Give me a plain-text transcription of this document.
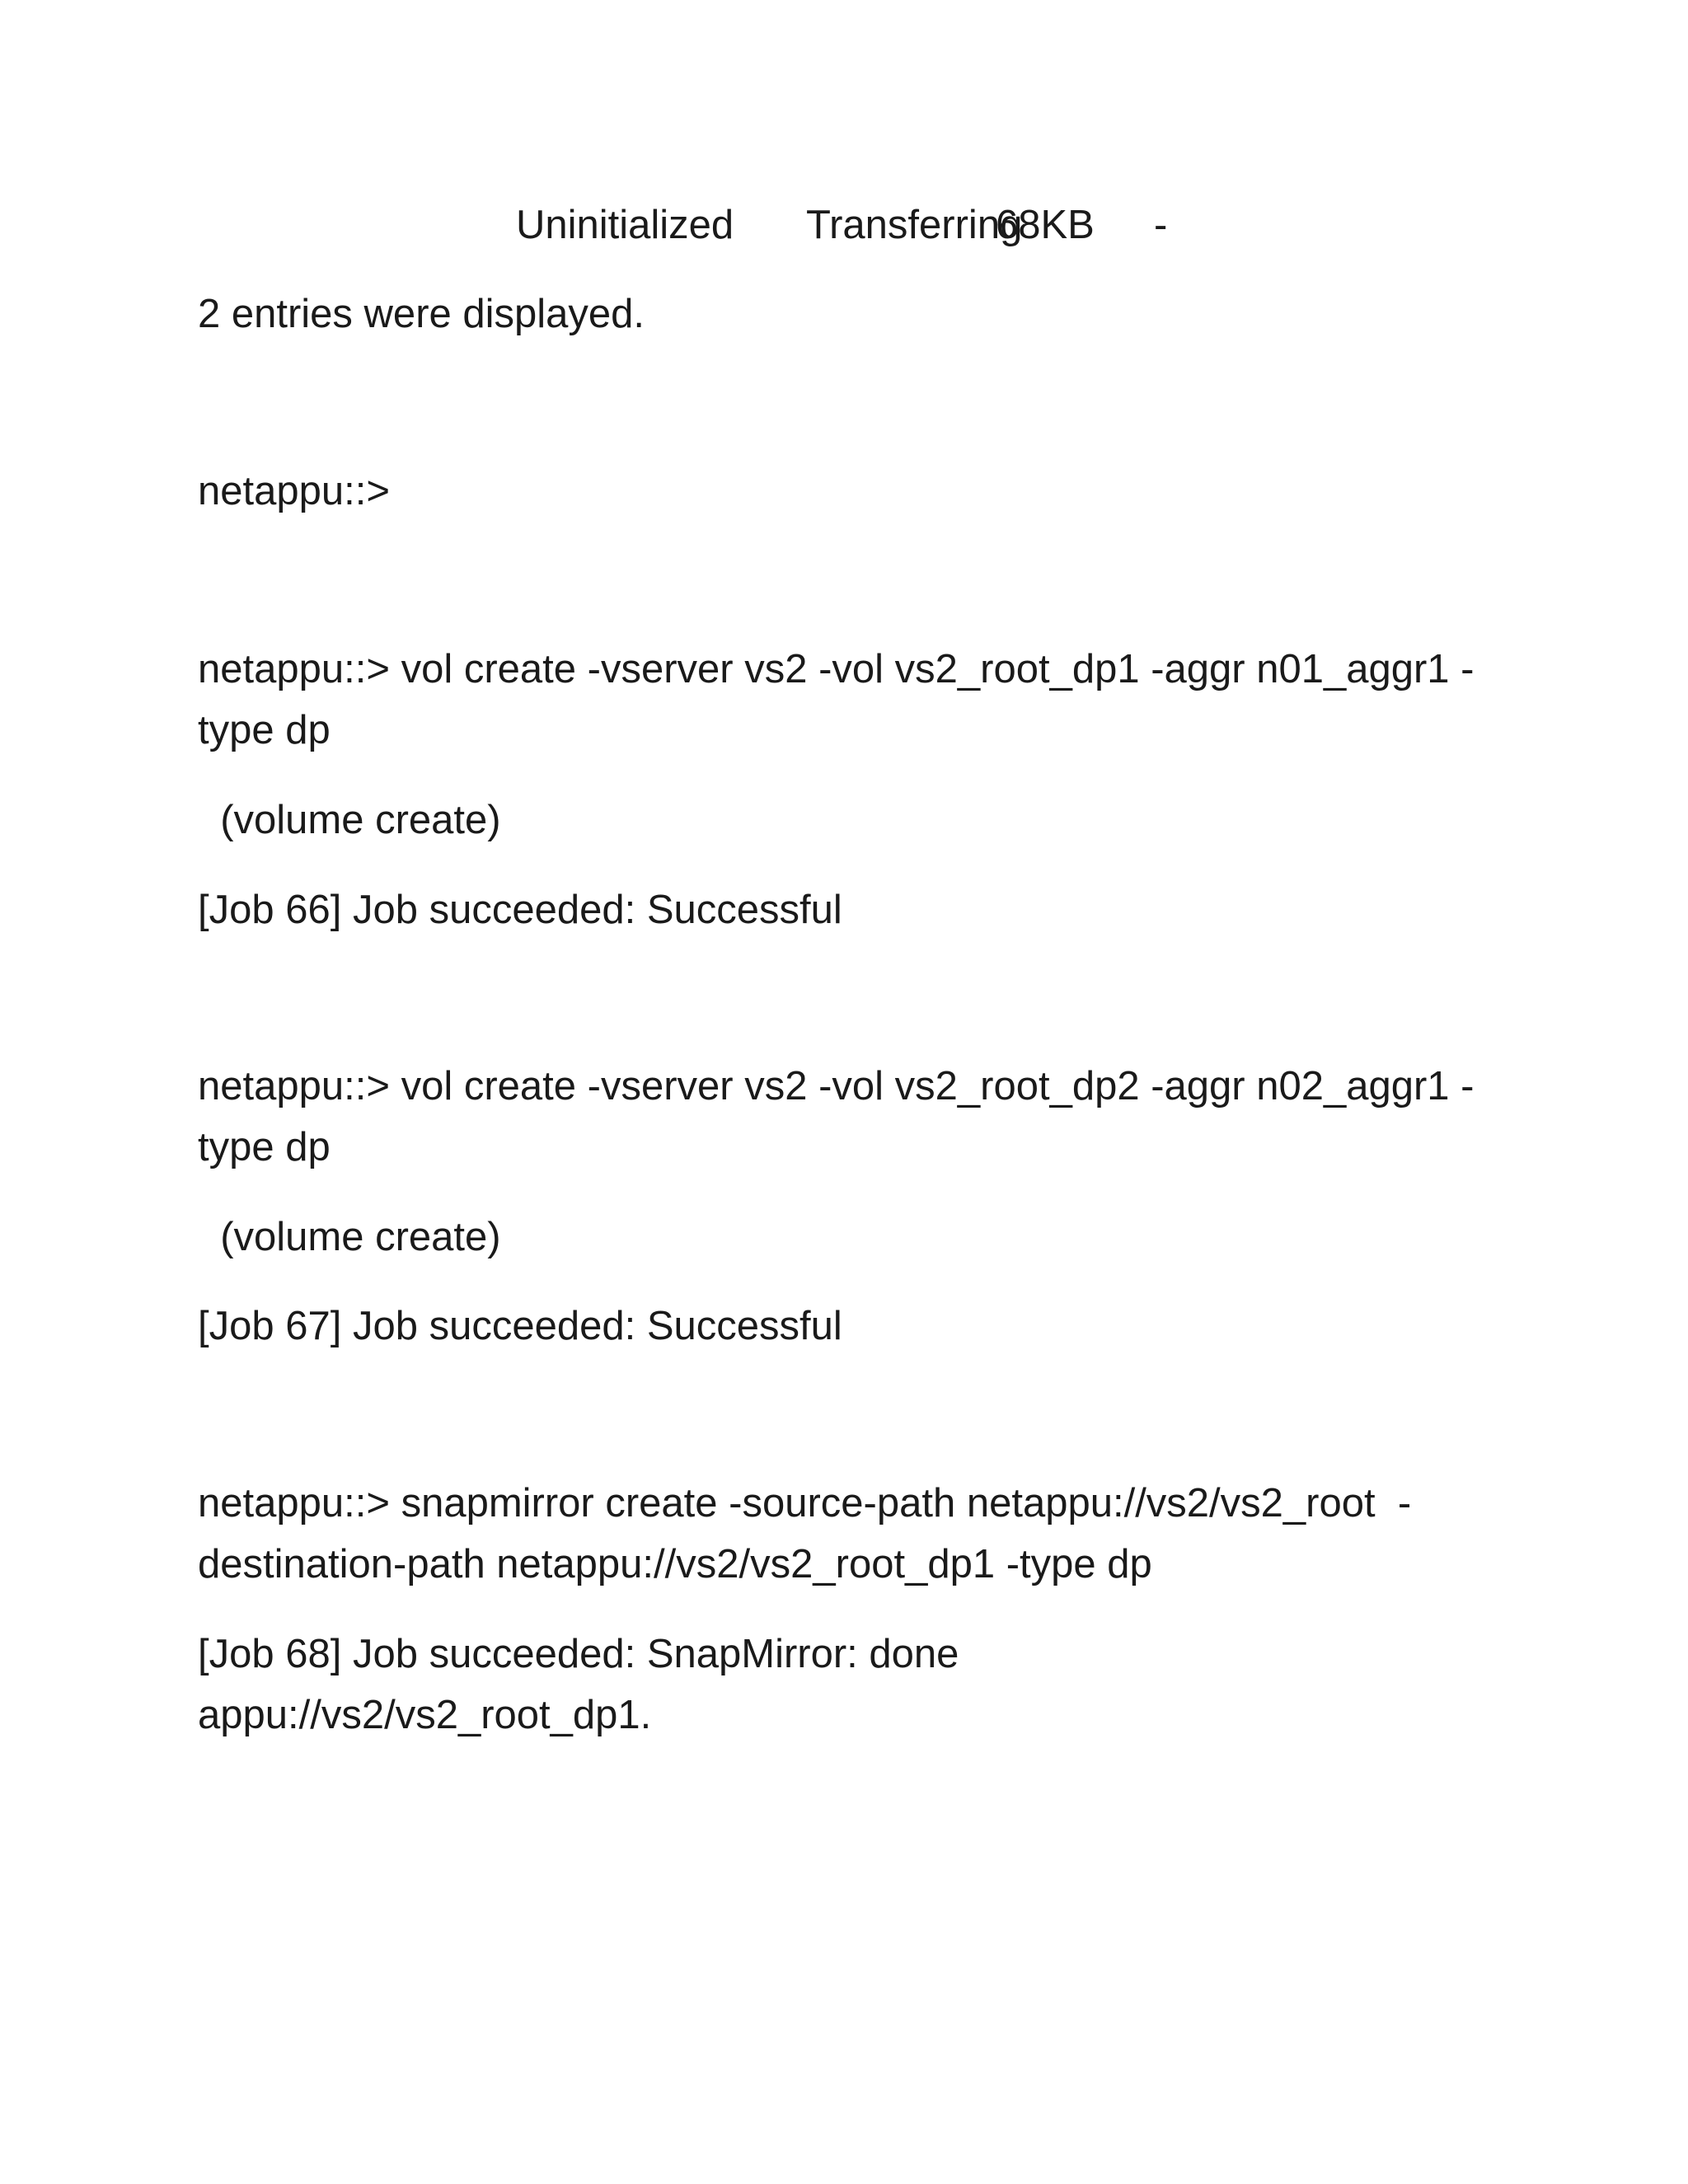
Uninitialized

Transferring

68KB

-

2 entries were displayed.

netappu::>

netappu::> vol create -vserver vs2 -vol vs2_root_dp1 -aggr n01_aggr1 -

type dp

(volume create)

[Job 66] Job succeeded: Successful

netappu::> vol create -vserver vs2 -vol vs2_root_dp2 -aggr n02_aggr1 -

type dp

(volume create)

[Job 67] Job succeeded: Successful

netappu::> snapmirror create -source-path netappu://vs2/vs2_root  -

destination-path netappu://vs2/vs2_root_dp1 -type dp

[Job 68] Job succeeded: SnapMirror: done

appu://vs2/vs2_root_dp1.
